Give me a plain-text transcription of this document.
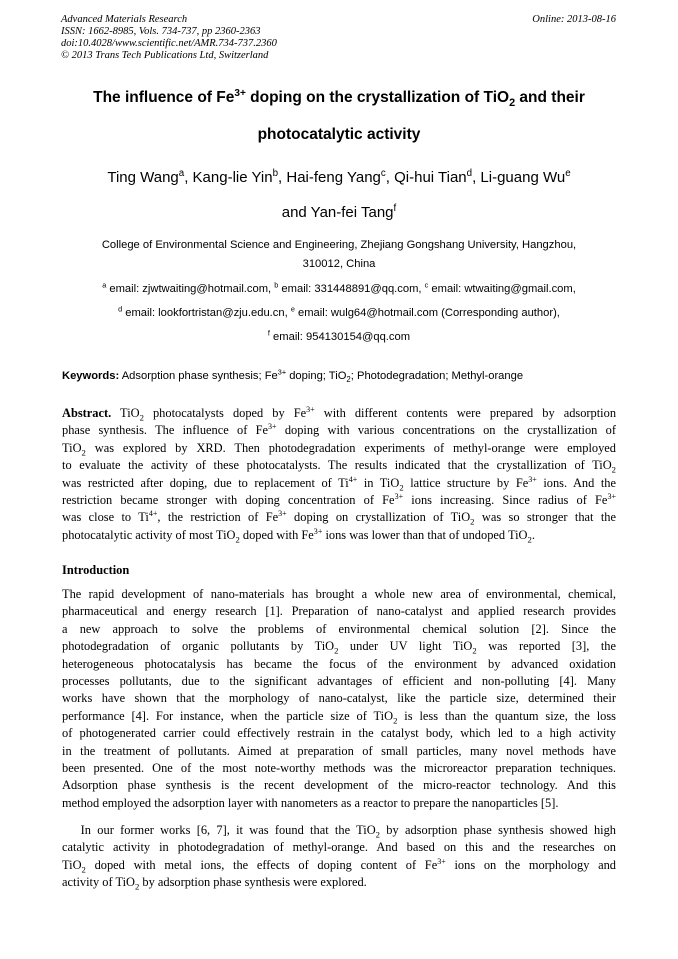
Advanced Materials Research
ISSN: 1662-8985, Vols. 734-737, pp 2360-2363
doi:10.4028/www.scientific.net/AMR.734-737.2360
© 2013 Trans Tech Publications Ltd, Switzerland
Online: 2013-08-16
The influence of $Fe^{3+}$ doping on the crystallization of TiO$_2$ and their
photocatalytic activity
Ting Wang$^a$, Kang-lie Yin$^b$, Hai-feng Yang$^c$, Qi-hui Tian$^d$, Li-guang Wu$^e$
and Yan-fei Tang$^f$
College of Environmental Science and Engineering, Zhejiang Gongshang University, Hangzhou,
310012, China
$^a$ email: zjwtwaiting@hotmail.com, $^b$ email: 331448891@qq.com, $^c$ email: wtwaiting@gmail.com,
$^d$ email: lookfortristan@zju.edu.cn, $^e$ email: wulg64@hotmail.com (Corresponding author),
$^f$ email: 954130154@qq.com
Keywords: Adsorption phase synthesis; $Fe^{3+}$ doping; TiO$_2$; Photodegradation; Methyl-orange
Abstract. TiO$_2$ photocatalysts doped by $Fe^{3+}$ with different contents were prepared by adsorption
phase synthesis. The influence of $Fe^{3+}$ doping with various concentrations on the crystallization of
TiO$_2$ was explored by XRD. Then photodegradation experiments of methyl-orange were employed
to evaluate the activity of these photocatalysts. The results indicated that the crystallization of TiO$_2$
was restricted after doping, due to replacement of $Ti^{4+}$ in TiO$_2$ lattice structure by $Fe^{3+}$ ions. And the
restriction became stronger with doping concentration of $Fe^{3+}$ ions increasing. Since radius of $Fe^{3+}$
was close to $Ti^{4+}$, the restriction of $Fe^{3+}$ doping on crystallization of TiO$_2$ was so stronger that the
photocatalytic activity of most TiO$_2$ doped with $Fe^{3+}$ ions was lower than that of undoped TiO$_2$.
Introduction
The rapid development of nano-materials has brought a whole new area of environmental, chemical,
pharmaceutical and energy research [1]. Preparation of nano-catalyst and applied research provides
a new approach to solve the problems of environmental chemical solution [2]. Since the
photodegradation of organic pollutants by TiO$_2$ under UV light TiO$_2$ was reported [3], the
heterogeneous photocatalysis has became the focus of the environment by advanced oxidation
processes pollutants, due to the significant advantages of efficient and non-polluting [4]. Many
works have shown that the morphology of nano-catalyst, like the particle size, determined their
performance [4]. For instance, when the particle size of TiO$_2$ is less than the quantum size, the loss
of photogenerated carrier could effectively restrain in the catalyst body, which led to a high activity
in the treatment of pollutants. Aimed at preparation of small particles, many novel methods have
been presented. One of the most note-worthy methods was the microreactor preparation techniques.
Adsorption phase synthesis is the recent development of the micro-reactor technology. And this
method employed the adsorption layer with nanometers as a reactor to prepare the nanoparticles [5].
  In our former works [6, 7], it was found that the TiO$_2$ by adsorption phase synthesis showed high
catalytic activity in photodegradation of methyl-orange. And based on this and the researches on
TiO$_2$ doped with metal ions, the effects of doping content of $Fe^{3+}$ ions on the morphology and
activity of TiO$_2$ by adsorption phase synthesis were explored.
